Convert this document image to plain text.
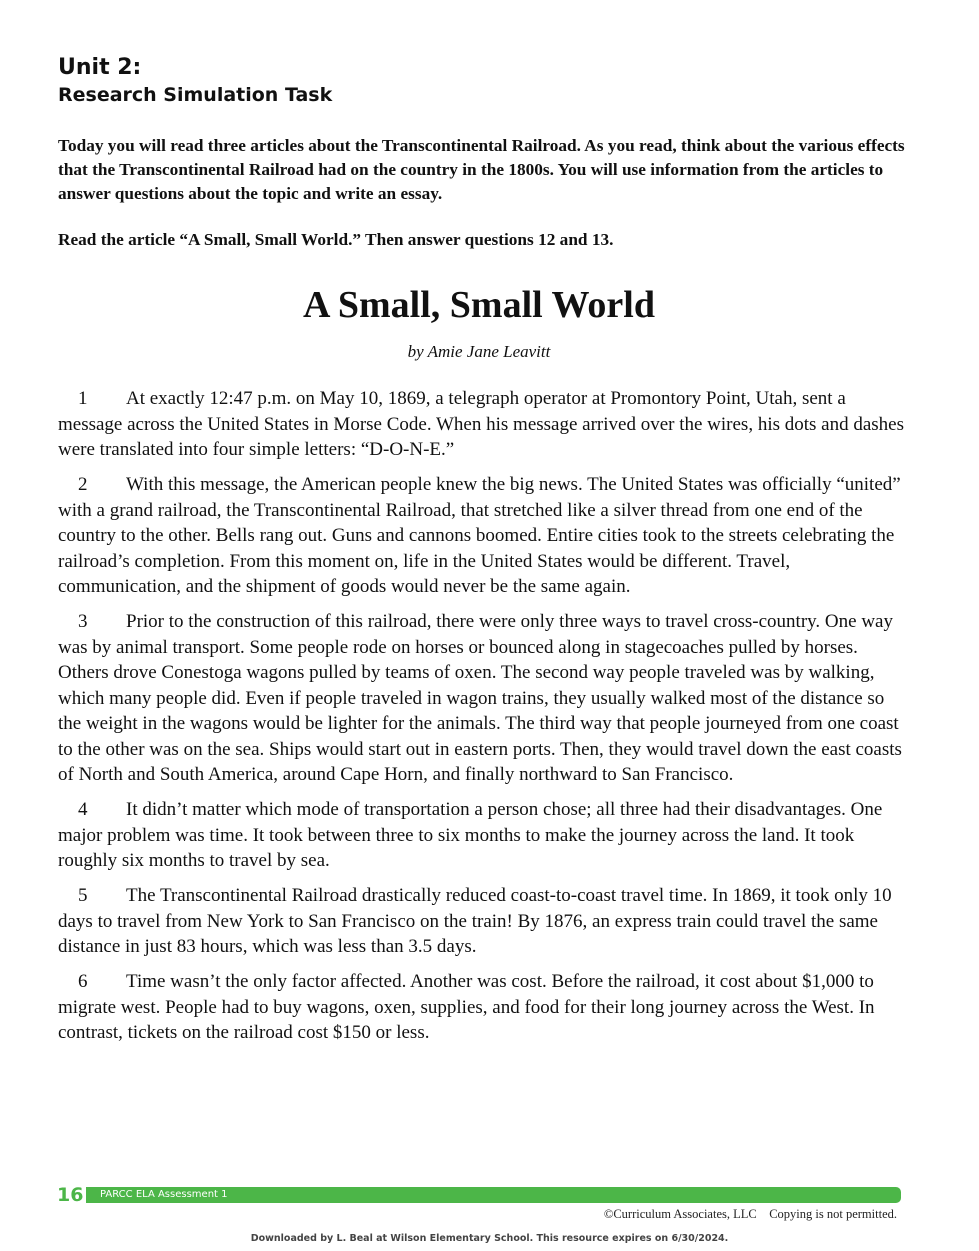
Unit 2:
Research Simulation Task

Today you will read three articles about the Transcontinental Railroad. As you read, think about the various effects that the Transcontinental Railroad had on the country in the 1800s. You will use information from the articles to answer questions about the topic and write an essay.

Read the article “A Small, Small World.” Then answer questions 12 and 13.

A Small, Small World
by Amie Jane Leavitt

1 At exactly 12:47 p.m. on May 10, 1869, a telegraph operator at Promontory Point, Utah, sent a message across the United States in Morse Code. When his message arrived over the wires, his dots and dashes were translated into four simple letters: “D-O-N-E.”

2 With this message, the American people knew the big news. The United States was officially “united” with a grand railroad, the Transcontinental Railroad, that stretched like a silver thread from one end of the country to the other. Bells rang out. Guns and cannons boomed. Entire cities took to the streets celebrating the railroad’s completion. From this moment on, life in the United States would be different. Travel, communication, and the shipment of goods would never be the same again.

3 Prior to the construction of this railroad, there were only three ways to travel cross-country. One way was by animal transport. Some people rode on horses or bounced along in stagecoaches pulled by horses. Others drove Conestoga wagons pulled by teams of oxen. The second way people traveled was by walking, which many people did. Even if people traveled in wagon trains, they usually walked most of the distance so the weight in the wagons would be lighter for the animals. The third way that people journeyed from one coast to the other was on the sea. Ships would start out in eastern ports. Then, they would travel down the east coasts of North and South America, around Cape Horn, and finally northward to San Francisco.

4 It didn’t matter which mode of transportation a person chose; all three had their disadvantages. One major problem was time. It took between three to six months to make the journey across the land. It took roughly six months to travel by sea.

5 The Transcontinental Railroad drastically reduced coast-to-coast travel time. In 1869, it took only 10 days to travel from New York to San Francisco on the train! By 1876, an express train could travel the same distance in just 83 hours, which was less than 3.5 days.

6 Time wasn’t the only factor affected. Another was cost. Before the railroad, it cost about $1,000 to migrate west. People had to buy wagons, oxen, supplies, and food for their long journey across the West. In contrast, tickets on the railroad cost $150 or less.

16 PARCC ELA Assessment 1
©Curriculum Associates, LLC    Copying is not permitted.
Downloaded by L. Beal at Wilson Elementary School. This resource expires on 6/30/2024.
